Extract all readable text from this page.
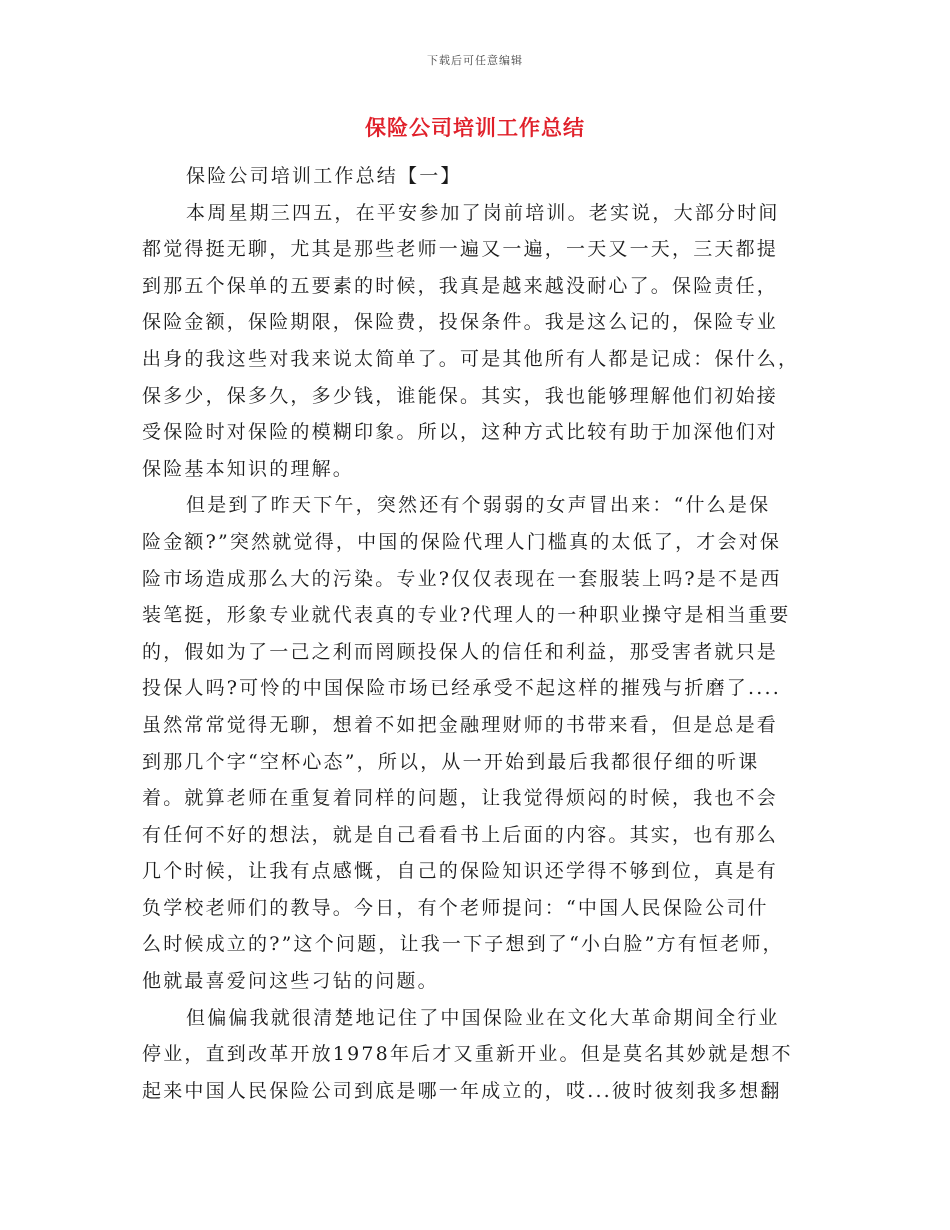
下载后可任意编辑
保险公司培训工作总结
保险公司培训工作总结【一】
本周星期三四五，在平安参加了岗前培训。老实说，大部分时间
都觉得挺无聊，尤其是那些老师一遍又一遍，一天又一天，三天都提
到那五个保单的五要素的时候，我真是越来越没耐心了。保险责任，
保险金额，保险期限，保险费，投保条件。我是这么记的，保险专业
出身的我这些对我来说太简单了。可是其他所有人都是记成：保什么，
保多少，保多久，多少钱，谁能保。其实，我也能够理解他们初始接
受保险时对保险的模糊印象。所以，这种方式比较有助于加深他们对
保险基本知识的理解。
但是到了昨天下午，突然还有个弱弱的女声冒出来：“什么是保
险金额?”突然就觉得，中国的保险代理人门槛真的太低了，才会对保
险市场造成那么大的污染。专业?仅仅表现在一套服装上吗?是不是西
装笔挺，形象专业就代表真的专业?代理人的一种职业操守是相当重要
的，假如为了一己之利而罔顾投保人的信任和利益，那受害者就只是
投保人吗?可怜的中国保险市场已经承受不起这样的摧残与折磨了....
虽然常常觉得无聊，想着不如把金融理财师的书带来看，但是总是看
到那几个字“空杯心态”，所以，从一开始到最后我都很仔细的听课
着。就算老师在重复着同样的问题，让我觉得烦闷的时候，我也不会
有任何不好的想法，就是自己看看书上后面的内容。其实，也有那么
几个时候，让我有点感慨，自己的保险知识还学得不够到位，真是有
负学校老师们的教导。今日，有个老师提问：“中国人民保险公司什
么时候成立的?”这个问题，让我一下子想到了“小白脸”方有恒老师，
他就最喜爱问这些刁钻的问题。
但偏偏我就很清楚地记住了中国保险业在文化大革命期间全行业
停业，直到改革开放1978年后才又重新开业。但是莫名其妙就是想不
起来中国人民保险公司到底是哪一年成立的，哎...彼时彼刻我多想翻
